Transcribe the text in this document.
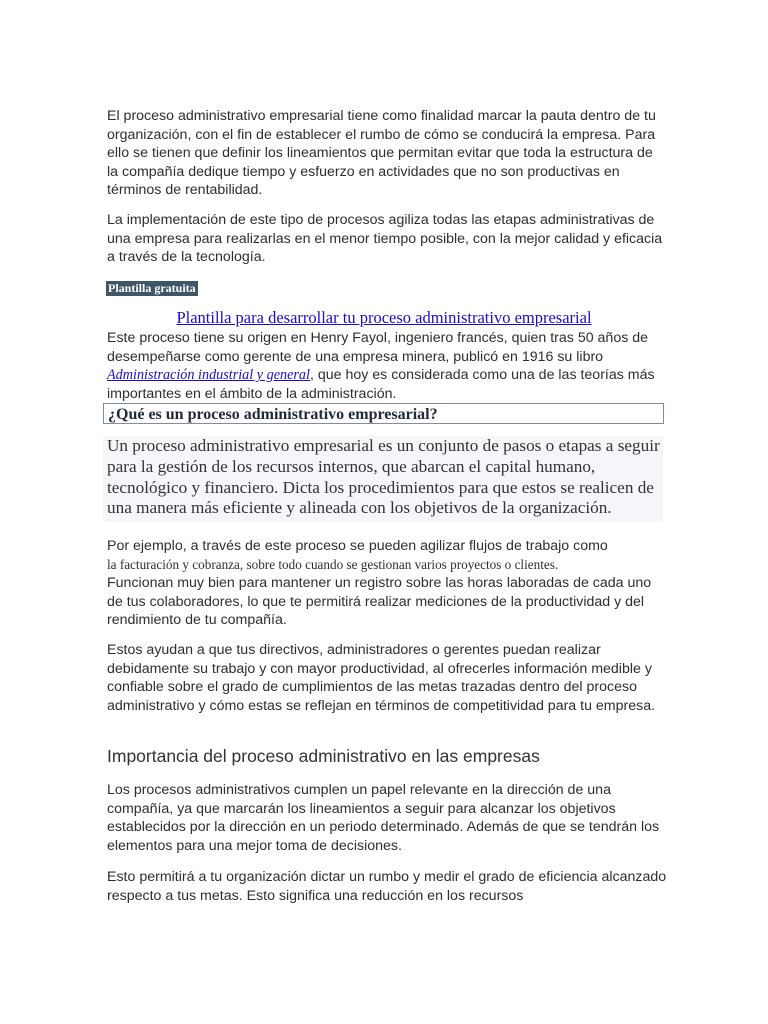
El proceso administrativo empresarial tiene como finalidad marcar la pauta dentro de tu organización, con el fin de establecer el rumbo de cómo se conducirá la empresa. Para ello se tienen que definir los lineamientos que permitan evitar que toda la estructura de la compañía dedique tiempo y esfuerzo en actividades que no son productivas en términos de rentabilidad.

La implementación de este tipo de procesos agiliza todas las etapas administrativas de una empresa para realizarlas en el menor tiempo posible, con la mejor calidad y eficacia a través de la tecnología.

Plantilla gratuita
Plantilla para desarrollar tu proceso administrativo empresarial

Este proceso tiene su origen en Henry Fayol, ingeniero francés, quien tras 50 años de desempeñarse como gerente de una empresa minera, publicó en 1916 su libro Administración industrial y general, que hoy es considerada como una de las teorías más importantes en el ámbito de la administración.

¿Qué es un proceso administrativo empresarial?
Un proceso administrativo empresarial es un conjunto de pasos o etapas a seguir para la gestión de los recursos internos, que abarcan el capital humano, tecnológico y financiero. Dicta los procedimientos para que estos se realicen de una manera más eficiente y alineada con los objetivos de la organización.

Por ejemplo, a través de este proceso se pueden agilizar flujos de trabajo como
la facturación y cobranza, sobre todo cuando se gestionan varios proyectos o clientes.
Funcionan muy bien para mantener un registro sobre las horas laboradas de cada uno de tus colaboradores, lo que te permitirá realizar mediciones de la productividad y del rendimiento de tu compañía.

Estos ayudan a que tus directivos, administradores o gerentes puedan realizar debidamente su trabajo y con mayor productividad, al ofrecerles información medible y confiable sobre el grado de cumplimientos de las metas trazadas dentro del proceso administrativo y cómo estas se reflejan en términos de competitividad para tu empresa.

Importancia del proceso administrativo en las empresas

Los procesos administrativos cumplen un papel relevante en la dirección de una compañía, ya que marcarán los lineamientos a seguir para alcanzar los objetivos establecidos por la dirección en un periodo determinado. Además de que se tendrán los elementos para una mejor toma de decisiones.

Esto permitirá a tu organización dictar un rumbo y medir el grado de eficiencia alcanzado respecto a tus metas. Esto significa una reducción en los recursos
